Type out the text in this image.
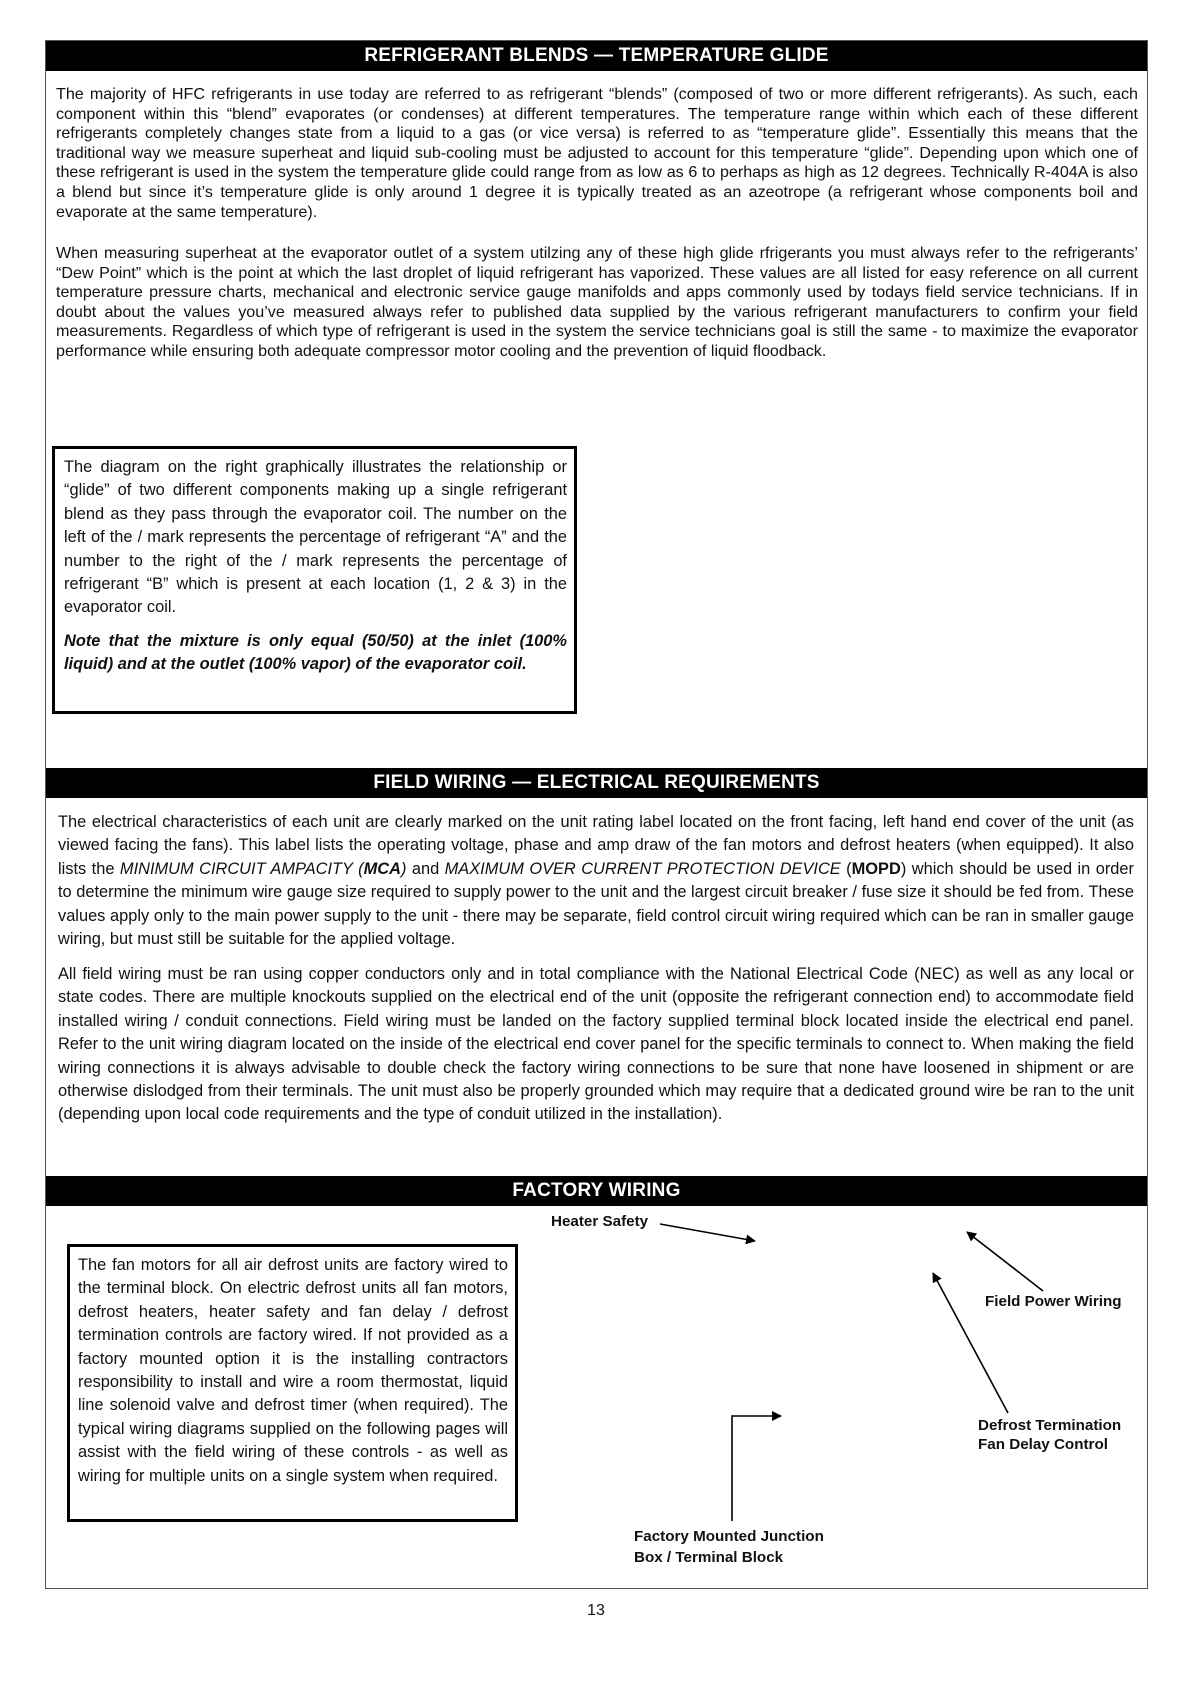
REFRIGERANT BLENDS — TEMPERATURE GLIDE

The majority of HFC refrigerants in use today are referred to as refrigerant “blends” (composed of two or more different refrigerants). As such, each component within this “blend” evaporates (or condenses) at different temperatures. The temperature range within which each of these different refrigerants completely changes state from a liquid to a gas (or vice versa) is referred to as “temperature glide”. Essentially this means that the traditional way we measure superheat and liquid sub-cooling must be adjusted to account for this temperature “glide”. Depending upon which one of these refrigerant is used in the system the temperature glide could range from as low as 6 to perhaps as high as 12 degrees. Technically R-404A is also a blend but since it’s temperature glide is only around 1 degree it is typically treated as an azeotrope (a refrigerant whose components boil and evaporate at the same temperature).

When measuring superheat at the evaporator outlet of a system utilzing any of these high glide rfrigerants you must always refer to the refrigerants’ “Dew Point” which is the point at which the last droplet of liquid refrigerant has vaporized. These values are all listed for easy reference on all current temperature pressure charts, mechanical and electronic service gauge manifolds and apps commonly used by todays field service technicians. If in doubt about the values you’ve measured always refer to published data supplied by the various refrigerant manufacturers to confirm your field measurements. Regardless of which type of refrigerant is used in the system the service technicians goal is still the same - to maximize the evaporator performance while ensuring both adequate compressor motor cooling and the prevention of liquid floodback.

The diagram on the right graphically illustrates the relationship or “glide” of two different components making up a single refrigerant blend as they pass through the evaporator coil. The number on the left of the / mark represents the percentage of refrigerant “A” and the number to the right of the / mark represents the percentage of refrigerant “B” which is present at each location (1, 2 & 3) in the evaporator coil.

Note that the mixture is only equal (50/50) at the inlet (100% liquid) and at the outlet (100% vapor) of the evaporator coil.

FIELD WIRING — ELECTRICAL REQUIREMENTS

The electrical characteristics of each unit are clearly marked on the unit rating label located on the front facing, left hand end cover of the unit (as viewed facing the fans). This label lists the operating voltage, phase and amp draw of the fan motors and defrost heaters (when equipped). It also lists the MINIMUM CIRCUIT AMPACITY (MCA) and MAXIMUM OVER CURRENT PROTECTION DEVICE (MOPD) which should be used in order to determine the minimum wire gauge size required to supply power to the unit and the largest circuit breaker / fuse size it should be fed from. These values apply only to the main power supply to the unit - there may be separate, field control circuit wiring required which can be ran in smaller gauge wiring, but must still be suitable for the applied voltage.

All field wiring must be ran using copper conductors only and in total compliance with the National Electrical Code (NEC) as well as any local or state codes. There are multiple knockouts supplied on the electrical end of the unit (opposite the refrigerant connection end) to accommodate field installed wiring / conduit connections. Field wiring must be landed on the factory supplied terminal block located inside the electrical end panel. Refer to the unit wiring diagram located on the inside of the electrical end cover panel for the specific terminals to connect to. When making the field wiring connections it is always advisable to double check the factory wiring connections to be sure that none have loosened in shipment or are otherwise dislodged from their terminals. The unit must also be properly grounded which may require that a dedicated ground wire be ran to the unit (depending upon local code requirements and the type of conduit utilized in the installation).

FACTORY WIRING

The fan motors for all air defrost units are factory wired to the terminal block. On electric defrost units all fan motors, defrost heaters, heater safety and fan delay / defrost termination controls are factory wired. If not provided as a factory mounted option it is the installing contractors responsibility to install and wire a room thermostat, liquid line solenoid valve and defrost timer (when required). The typical wiring diagrams supplied on the following pages will assist with the field wiring of these controls - as well as wiring for multiple units on a single system when required.

Heater Safety
Field Power Wiring
Defrost Termination
Fan Delay Control
Factory Mounted Junction
Box / Terminal Block
13
